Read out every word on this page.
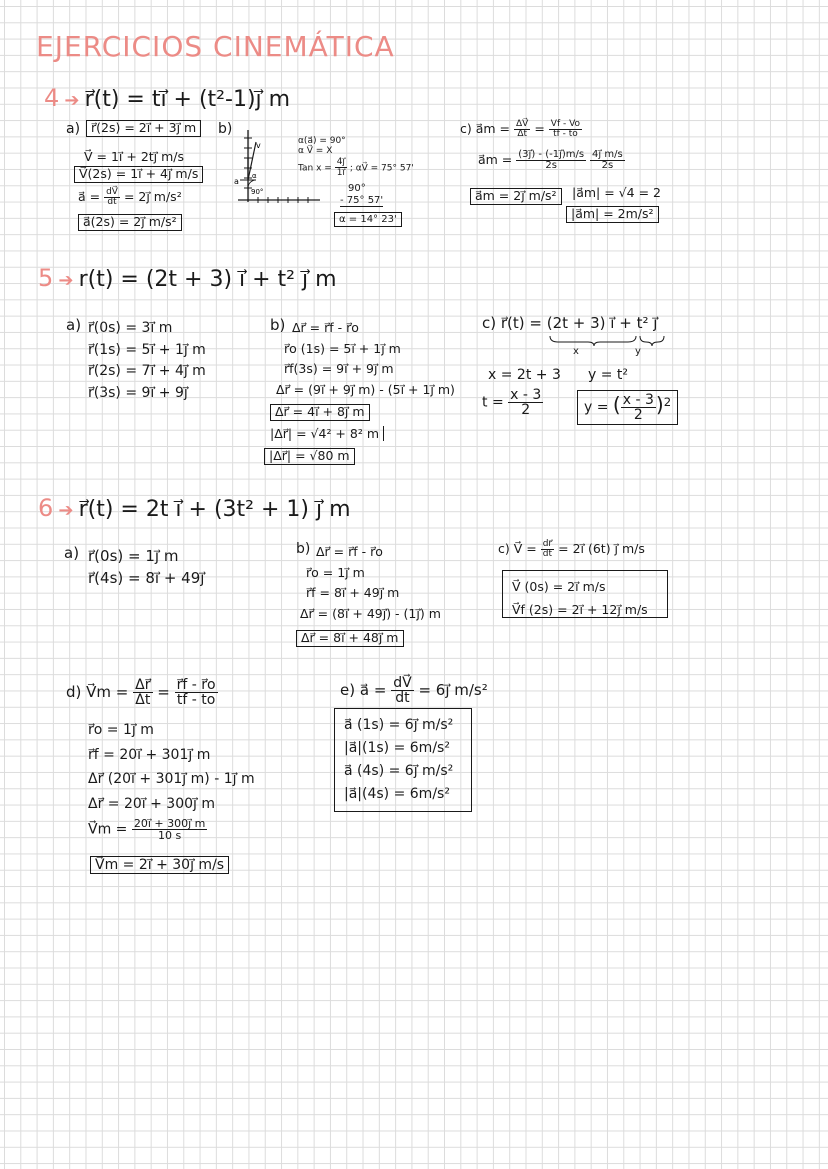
EJERCICIOS CINEMÁTICA
4 ➔ r⃗(t) = ti⃗ + (t²-1)j⃗ m
a) r⃗(2s) = 2i⃗ + 3j⃗ m
V⃗ = 1i⃗ + 2tj⃗ m/s
V⃗(2s) = 1i⃗ + 4j⃗ m/s
a⃗ = $\frac{dV⃗}{dt}$ = 2j⃗ m/s²
a⃗(2s) = 2j⃗ m/s²
b)
v
a
α
90°
α(a⃗) = 90°
α V⃗ = X
Tan $x = \frac{4j⃗}{1i⃗}$ ; αV⃗ = 75° 57'
90°
- 75° 57'
α = 14° 23'
c) a⃗m = $\frac{\Delta V⃗}{\Delta t} = \frac{Vf - Vo}{tf - to}$
a⃗m = $\frac{(3j⃗) - (-1j⃗)m/s}{2s}$
$\frac{4j⃗ m/s}{2s}$
a⃗m = 2j⃗ m/s²	|a⃗m| = √4 = 2
|a⃗m| = 2m/s²
5 ➔ r(t) = (2t + 3) i⃗ + t² j⃗ m
a) r⃗(0s) = 3i⃗ m
r⃗(1s) = 5i⃗ + 1j⃗ m
r⃗(2s) = 7i⃗ + 4j⃗ m
r⃗(3s) = 9i⃗ + 9j⃗
b) Δr⃗ = r⃗f - r⃗o
r⃗o (1s) = 5i⃗ + 1j⃗ m
r⃗f(3s) = 9i⃗ + 9j⃗ m
Δr⃗ = (9i⃗ + 9j⃗ m) - (5i⃗ + 1j⃗ m)
Δr⃗ = 4i⃗ + 8j⃗ m
|Δr⃗| = √4² + 8² m
|Δr⃗| = √80 m
c) r⃗(t) = (2t + 3) i⃗ + t² j⃗
x	y
x = 2t + 3 y = t²
$t = \frac{x - 3}{2}$	y = ( $\frac{x - 3}{2} )^2$
6 ➔ r⃗(t) = 2t i⃗ + (3t² + 1) j⃗ m
a) r⃗(0s) = 1j⃗ m
r⃗(4s) = 8i⃗ + 49j⃗
b) Δr⃗ = r⃗f - r⃗o
r⃗o = 1j⃗ m
r⃗f = 8i⃗ + 49j⃗ m
Δr⃗ = (8i⃗ + 49j⃗) - (1j⃗) m
Δr⃗ = 8i⃗ + 48j⃗ m
c) V⃗ = $\frac{dr⃗}{dt}$ = 2i⃗ (6t) j⃗ m/s
V⃗ (0s) = 2i⃗ m/s
V⃗f (2s) = 2i⃗ + 12j⃗ m/s
d) V⃗m = $\frac{\Delta r⃗}{\Delta t} = \frac{r⃗f - r⃗o}{tf - to}$
r⃗o = 1j⃗ m
r⃗f = 20i⃗ + 301j⃗ m
Δr⃗ (20i⃗ + 301j⃗ m) - 1j⃗ m
Δr⃗ = 20i⃗ + 300j⃗ m
V⃗m = $\frac{20i⃗ + 300j⃗ m}{10 s}$
V⃗m = 2i⃗ + 30j⃗ m/s
e) a⃗ = $\frac{dV⃗}{dt}$ = 6j⃗ m/s²
a⃗ (1s) = 6j⃗ m/s²
|a⃗|(1s) = 6m/s²
a⃗ (4s) = 6j⃗ m/s²
|a⃗|(4s) = 6m/s²
